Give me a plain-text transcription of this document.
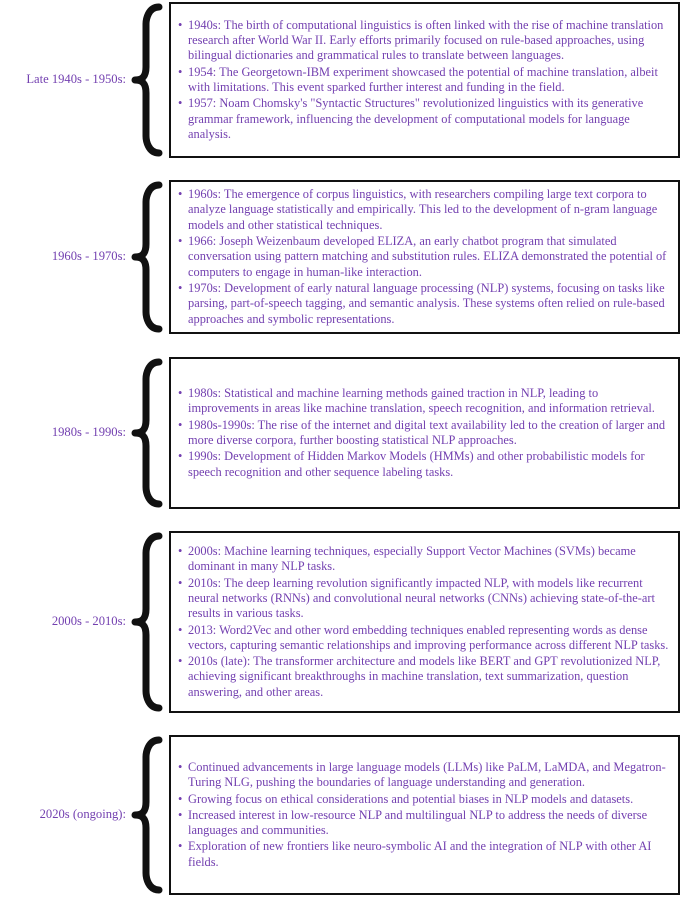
Late 1940s - 1950s:
• 1940s: The birth of computational linguistics is often linked with the rise of machine translation research after World War II. Early efforts primarily focused on rule-based approaches, using bilingual dictionaries and grammatical rules to translate between languages.
• 1954: The Georgetown-IBM experiment showcased the potential of machine translation, albeit with limitations. This event sparked further interest and funding in the field.
• 1957: Noam Chomsky's "Syntactic Structures" revolutionized linguistics with its generative grammar framework, influencing the development of computational models for language analysis.
1960s - 1970s:
• 1960s: The emergence of corpus linguistics, with researchers compiling large text corpora to analyze language statistically and empirically. This led to the development of n-gram language models and other statistical techniques.
• 1966: Joseph Weizenbaum developed ELIZA, an early chatbot program that simulated conversation using pattern matching and substitution rules. ELIZA demonstrated the potential of computers to engage in human-like interaction.
• 1970s: Development of early natural language processing (NLP) systems, focusing on tasks like parsing, part-of-speech tagging, and semantic analysis. These systems often relied on rule-based approaches and symbolic representations.
1980s - 1990s:
• 1980s: Statistical and machine learning methods gained traction in NLP, leading to improvements in areas like machine translation, speech recognition, and information retrieval.
• 1980s-1990s: The rise of the internet and digital text availability led to the creation of larger and more diverse corpora, further boosting statistical NLP approaches.
• 1990s: Development of Hidden Markov Models (HMMs) and other probabilistic models for speech recognition and other sequence labeling tasks.
2000s - 2010s:
• 2000s: Machine learning techniques, especially Support Vector Machines (SVMs) became dominant in many NLP tasks.
• 2010s: The deep learning revolution significantly impacted NLP, with models like recurrent neural networks (RNNs) and convolutional neural networks (CNNs) achieving state-of-the-art results in various tasks.
• 2013: Word2Vec and other word embedding techniques enabled representing words as dense vectors, capturing semantic relationships and improving performance across different NLP tasks.
• 2010s (late): The transformer architecture and models like BERT and GPT revolutionized NLP, achieving significant breakthroughs in machine translation, text summarization, question answering, and other areas.
2020s (ongoing):
• Continued advancements in large language models (LLMs) like PaLM, LaMDA, and Megatron-Turing NLG, pushing the boundaries of language understanding and generation.
• Growing focus on ethical considerations and potential biases in NLP models and datasets.
• Increased interest in low-resource NLP and multilingual NLP to address the needs of diverse languages and communities.
• Exploration of new frontiers like neuro-symbolic AI and the integration of NLP with other AI fields.
